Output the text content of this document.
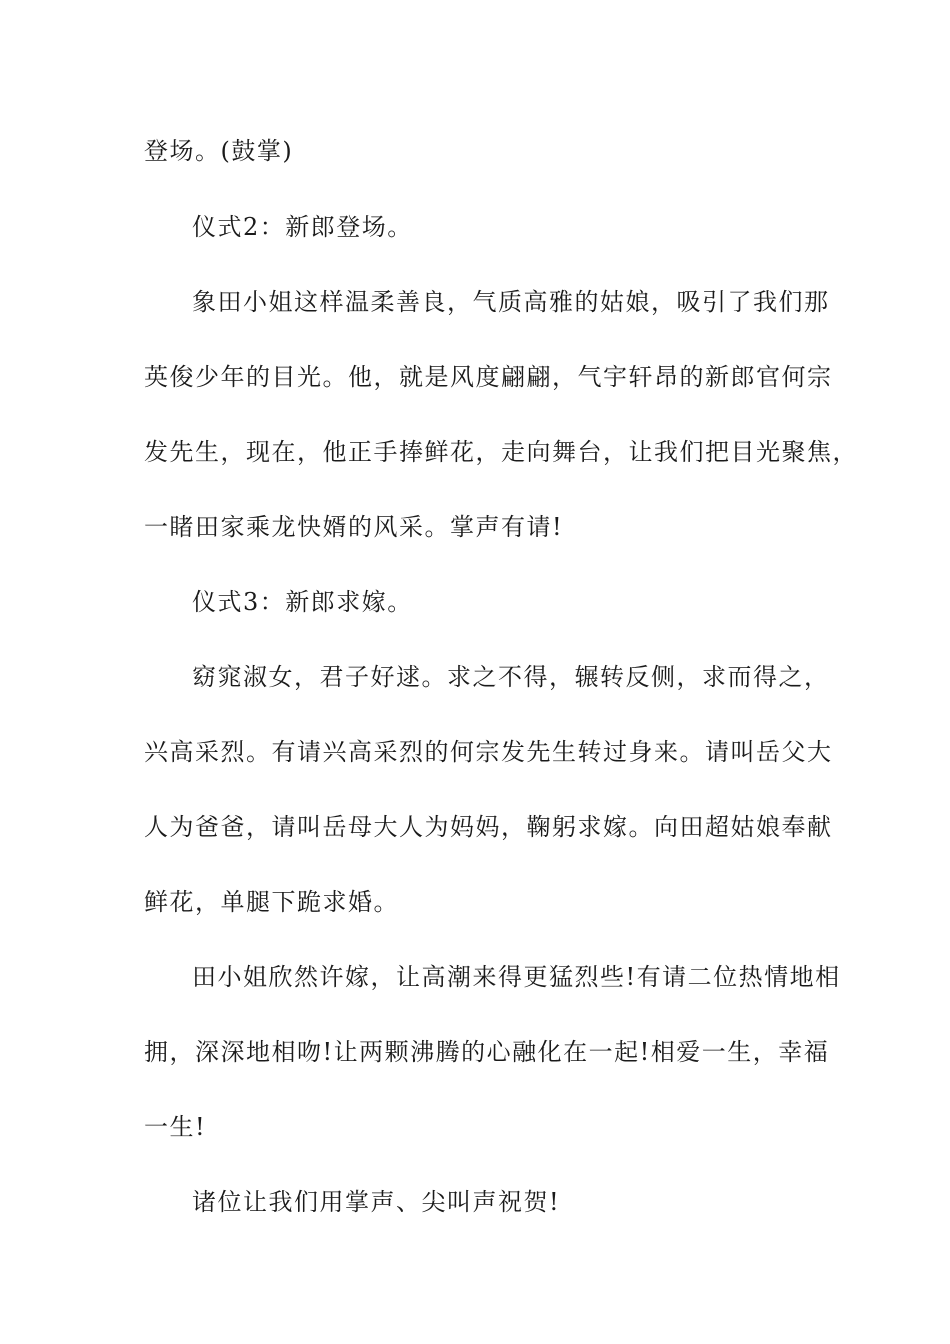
登场。(鼓掌)
仪式2：新郎登场。
象田小姐这样温柔善良，气质高雅的姑娘，吸引了我们那
英俊少年的目光。他，就是风度翩翩，气宇轩昂的新郎官何宗
发先生，现在，他正手捧鲜花，走向舞台，让我们把目光聚焦，
一睹田家乘龙快婿的风采。掌声有请!
仪式3：新郎求嫁。
窈窕淑女，君子好逑。求之不得，辗转反侧，求而得之，
兴高采烈。有请兴高采烈的何宗发先生转过身来。请叫岳父大
人为爸爸，请叫岳母大人为妈妈，鞠躬求嫁。向田超姑娘奉献
鲜花，单腿下跪求婚。
田小姐欣然许嫁，让高潮来得更猛烈些!有请二位热情地相
拥，深深地相吻!让两颗沸腾的心融化在一起!相爱一生，幸福
一生!
诸位让我们用掌声、尖叫声祝贺!
